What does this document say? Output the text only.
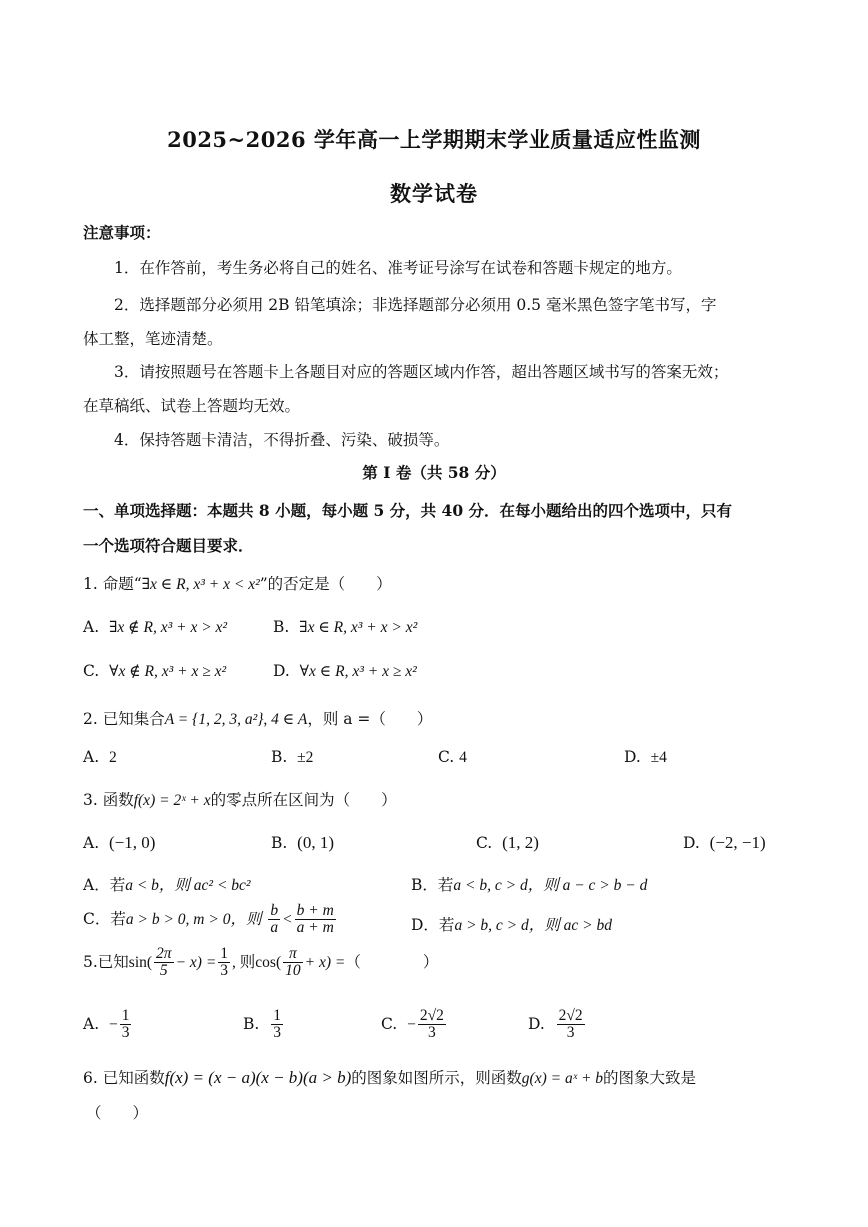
2025~2026 学年高一上学期期末学业质量适应性监测
数学试卷
注意事项：
1．在作答前，考生务必将自己的姓名、准考证号涂写在试卷和答题卡规定的地方。
2．选择题部分必须用 2B 铅笔填涂；非选择题部分必须用 0.5 毫米黑色签字笔书写，字
体工整，笔迹清楚。
3．请按照题号在答题卡上各题目对应的答题区域内作答，超出答题区域书写的答案无效；
在草稿纸、试卷上答题均无效。
4．保持答题卡清洁，不得折叠、污染、破损等。
第 Ⅰ 卷（共 58 分）
一、单项选择题：本题共 8 小题，每小题 5 分，共 40 分．在每小题给出的四个选项中，只有
一个选项符合题目要求．
1. 命题“∃x ∈ R, x³ + x < x²”的否定是（　　）
A.  ∃x ∉ R, x³ + x > x²	B.  ∃x ∈ R, x³ + x > x²
C.  ∀x ∉ R, x³ + x ≥ x²	D.  ∀x ∈ R, x³ + x ≥ x²
2. 已知集合A = {1, 2, 3, a²}, 4 ∈ A，则 a =（　　）
A.  2	B.  ±2	C. 4	D.  ±4
3. 函数f(x) = 2ˣ + x的零点所在区间为（　　）
A.  (−1, 0)	B.  (0, 1)	C.  (1, 2)	D.  (−2, −1)
A．若a < b，则 ac² < bc²	B．若a < b, c > d，则 a − c > b − d
C．若a > b > 0, m > 0，则 $\frac{b}{a} < \frac{b + m}{a + m}$	D．若a > b, c > d，则 ac > bd
5.已知$\sin( \frac{2\pi}{5} - x) = \frac{1}{3}$ , 则$\cos( \frac{\pi}{10} + x)$ =（　　　　）
A. − $\frac{1}{3}$	B. $\frac{1}{3}$	C. − $\frac{2√2}{3}$	D. $\frac{2√2}{3}$
6. 已知函数f(x) = (x − a)(x − b)(a > b)的图象如图所示，则函数g(x) = aˣ + b的图象大致是
（　　）
